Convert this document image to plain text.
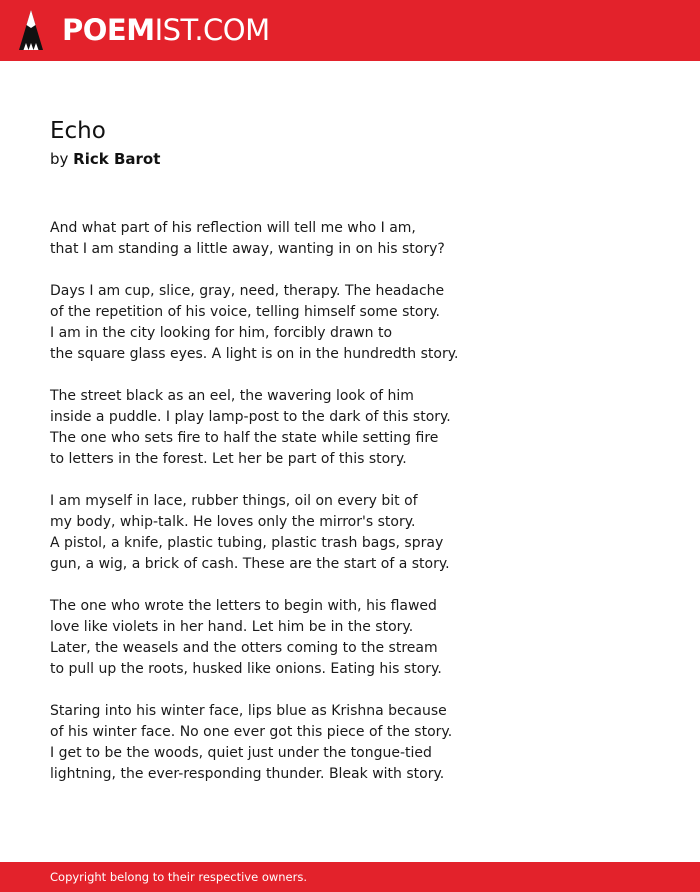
POEMIST.COM
Echo
by Rick Barot
And what part of his reflection will tell me who I am,
that I am standing a little away, wanting in on his story?
Days I am cup, slice, gray, need, therapy. The headache
of the repetition of his voice, telling himself some story.
I am in the city looking for him, forcibly drawn to
the square glass eyes. A light is on in the hundredth story.
The street black as an eel, the wavering look of him
inside a puddle. I play lamp-post to the dark of this story.
The one who sets fire to half the state while setting fire
to letters in the forest. Let her be part of this story.
I am myself in lace, rubber things, oil on every bit of
my body, whip-talk. He loves only the mirror's story.
A pistol, a knife, plastic tubing, plastic trash bags, spray
gun, a wig, a brick of cash. These are the start of a story.
The one who wrote the letters to begin with, his flawed
love like violets in her hand. Let him be in the story.
Later, the weasels and the otters coming to the stream
to pull up the roots, husked like onions. Eating his story.
Staring into his winter face, lips blue as Krishna because
of his winter face. No one ever got this piece of the story.
I get to be the woods, quiet just under the tongue-tied
lightning, the ever-responding thunder. Bleak with story.
Copyright belong to their respective owners.
